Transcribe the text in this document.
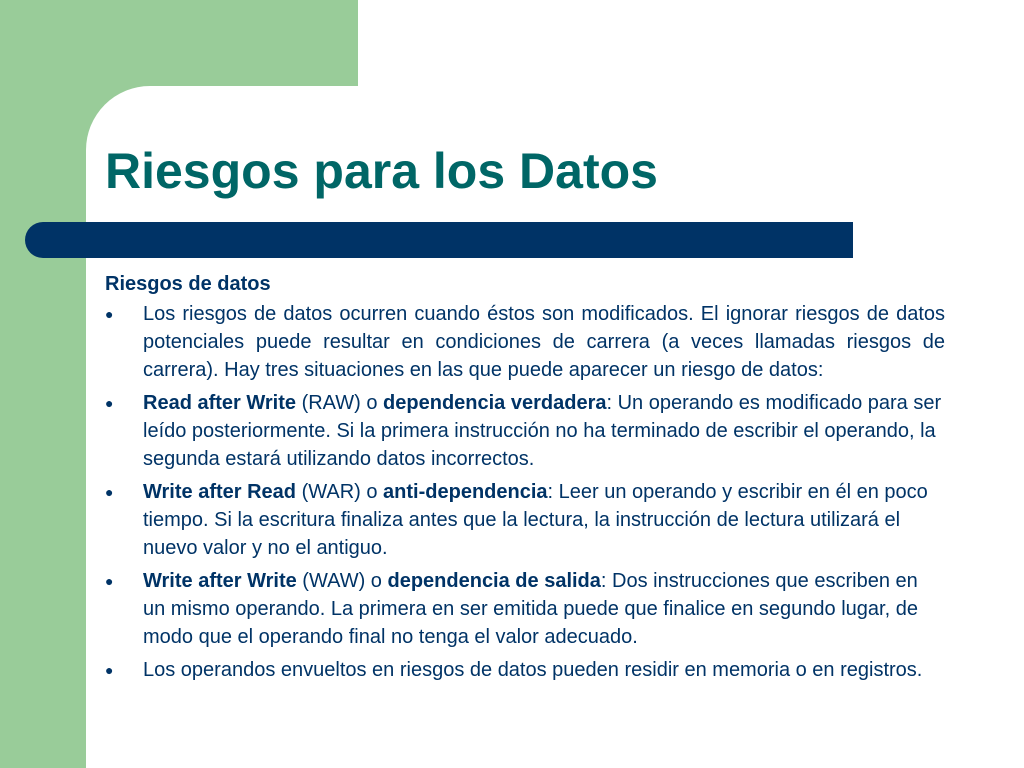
Riesgos para los Datos
Riesgos de datos
● Los riesgos de datos ocurren cuando éstos son modificados. El ignorar riesgos de datos potenciales puede resultar en condiciones de carrera (a veces llamadas riesgos de carrera). Hay tres situaciones en las que puede aparecer un riesgo de datos:
● Read after Write (RAW) o dependencia verdadera: Un operando es modificado para ser leído posteriormente. Si la primera instrucción no ha terminado de escribir el operando, la segunda estará utilizando datos incorrectos.
● Write after Read (WAR) o anti-dependencia: Leer un operando y escribir en él en poco tiempo. Si la escritura finaliza antes que la lectura, la instrucción de lectura utilizará el nuevo valor y no el antiguo.
● Write after Write (WAW) o dependencia de salida: Dos instrucciones que escriben en un mismo operando. La primera en ser emitida puede que finalice en segundo lugar, de modo que el operando final no tenga el valor adecuado.
● Los operandos envueltos en riesgos de datos pueden residir en memoria o en registros.
